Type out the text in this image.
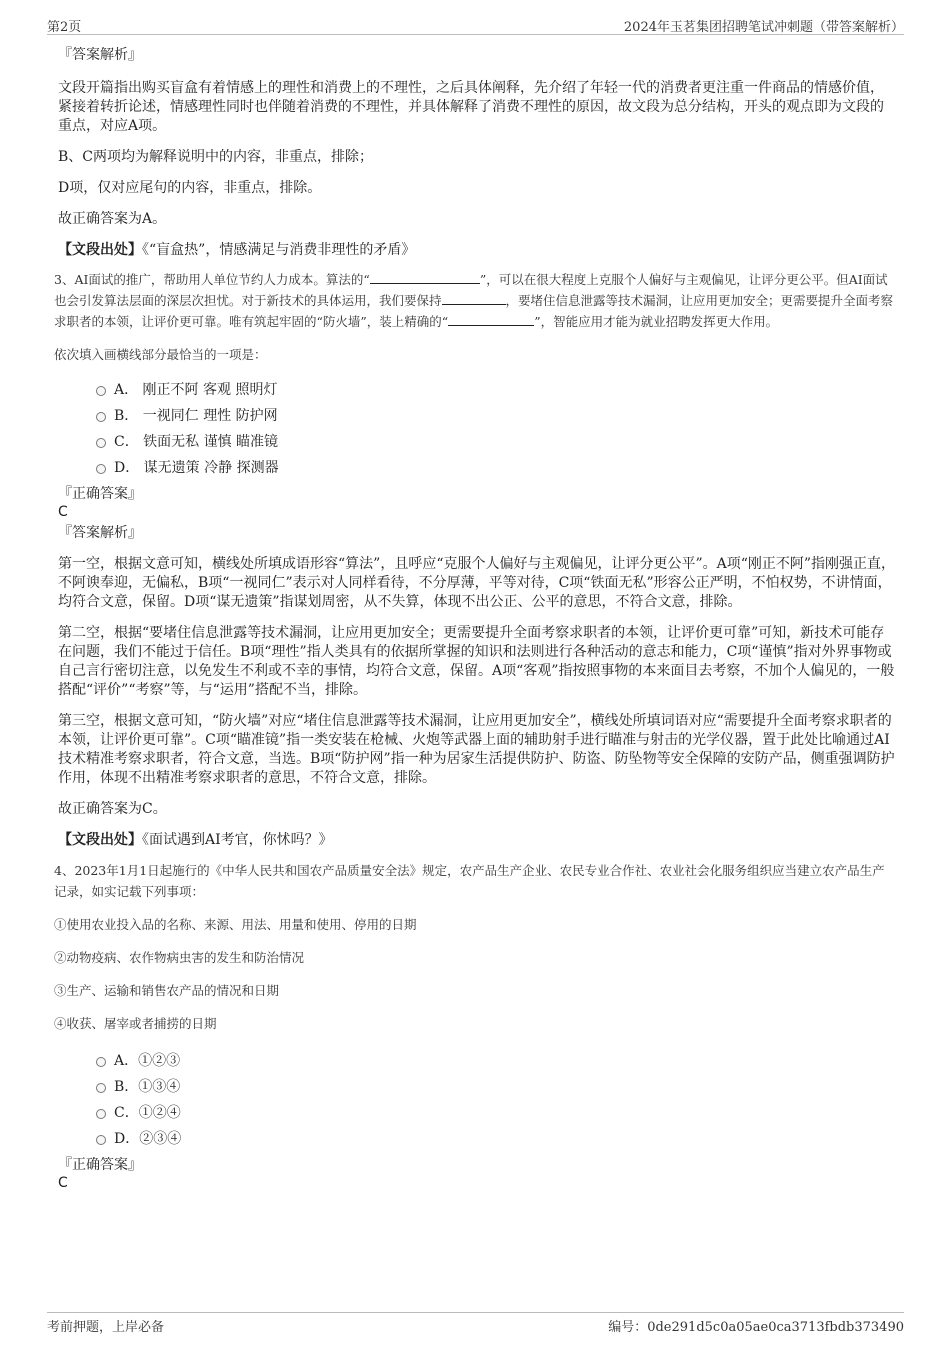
第2页	2024年玉茗集团招聘笔试冲刺题（带答案解析）
『答案解析』

文段开篇指出购买盲盒有着情感上的理性和消费上的不理性，之后具体阐释，先介绍了年轻一代的消费者更注重一件商品的情感价值，紧接着转折论述，情感理性同时也伴随着消费的不理性，并具体解释了消费不理性的原因，故文段为总分结构，开头的观点即为文段的重点，对应A项。

B、C两项均为解释说明中的内容，非重点，排除；

D项，仅对应尾句的内容，非重点，排除。

故正确答案为A。

【文段出处】《“盲盒热”，情感满足与消费非理性的矛盾》

3、AI面试的推广，帮助用人单位节约人力成本。算法的“	”，可以在很大程度上克服个人偏好与主观偏见，让评分更公平。但AI面试也会引发算法层面的深层次担忧。对于新技术的具体运用，我们要保持	，要堵住信息泄露等技术漏洞，让应用更加安全；更需要提升全面考察求职者的本领，让评价更可靠。唯有筑起牢固的“防火墙”，装上精确的“	”，智能应用才能为就业招聘发挥更大作用。

依次填入画横线部分最恰当的一项是：

A． 刚正不阿 客观 照明灯
B． 一视同仁 理性 防护网
C． 铁面无私 谨慎 瞄准镜
D． 谋无遗策 冷静 探测器
『正确答案』
C
『答案解析』

第一空，根据文意可知，横线处所填成语形容“算法”，且呼应“克服个人偏好与主观偏见，让评分更公平”。A项“刚正不阿”指刚强正直，不阿谀奉迎，无偏私，B项“一视同仁”表示对人同样看待，不分厚薄，平等对待，C项“铁面无私”形容公正严明，不怕权势，不讲情面，均符合文意，保留。D项“谋无遗策”指谋划周密，从不失算，体现不出公正、公平的意思，不符合文意，排除。

第二空，根据“要堵住信息泄露等技术漏洞，让应用更加安全；更需要提升全面考察求职者的本领，让评价更可靠”可知，新技术可能存在问题，我们不能过于信任。B项“理性”指人类具有的依据所掌握的知识和法则进行各种活动的意志和能力，C项“谨慎”指对外界事物或自己言行密切注意，以免发生不利或不幸的事情，均符合文意，保留。A项“客观”指按照事物的本来面目去考察，不加个人偏见的，一般搭配“评价”“考察”等，与“运用”搭配不当，排除。

第三空，根据文意可知，“防火墙”对应“堵住信息泄露等技术漏洞，让应用更加安全”，横线处所填词语对应“需要提升全面考察求职者的本领，让评价更可靠”。C项“瞄准镜”指一类安装在枪械、火炮等武器上面的辅助射手进行瞄准与射击的光学仪器，置于此处比喻通过AI技术精准考察求职者，符合文意，当选。B项“防护网”指一种为居家生活提供防护、防盗、防坠物等安全保障的安防产品，侧重强调防护作用，体现不出精准考察求职者的意思，不符合文意，排除。

故正确答案为C。

【文段出处】《面试遇到AI考官，你怵吗？》

4、2023年1月1日起施行的《中华人民共和国农产品质量安全法》规定，农产品生产企业、农民专业合作社、农业社会化服务组织应当建立农产品生产记录，如实记载下列事项：

①使用农业投入品的名称、来源、用法、用量和使用、停用的日期

②动物疫病、农作物病虫害的发生和防治情况

③生产、运输和销售农产品的情况和日期

④收获、屠宰或者捕捞的日期

A．①②③
B．①③④
C．①②④
D．②③④
『正确答案』
C
考前押题，上岸必备	编号：0de291d5c0a05ae0ca3713fbdb373490
